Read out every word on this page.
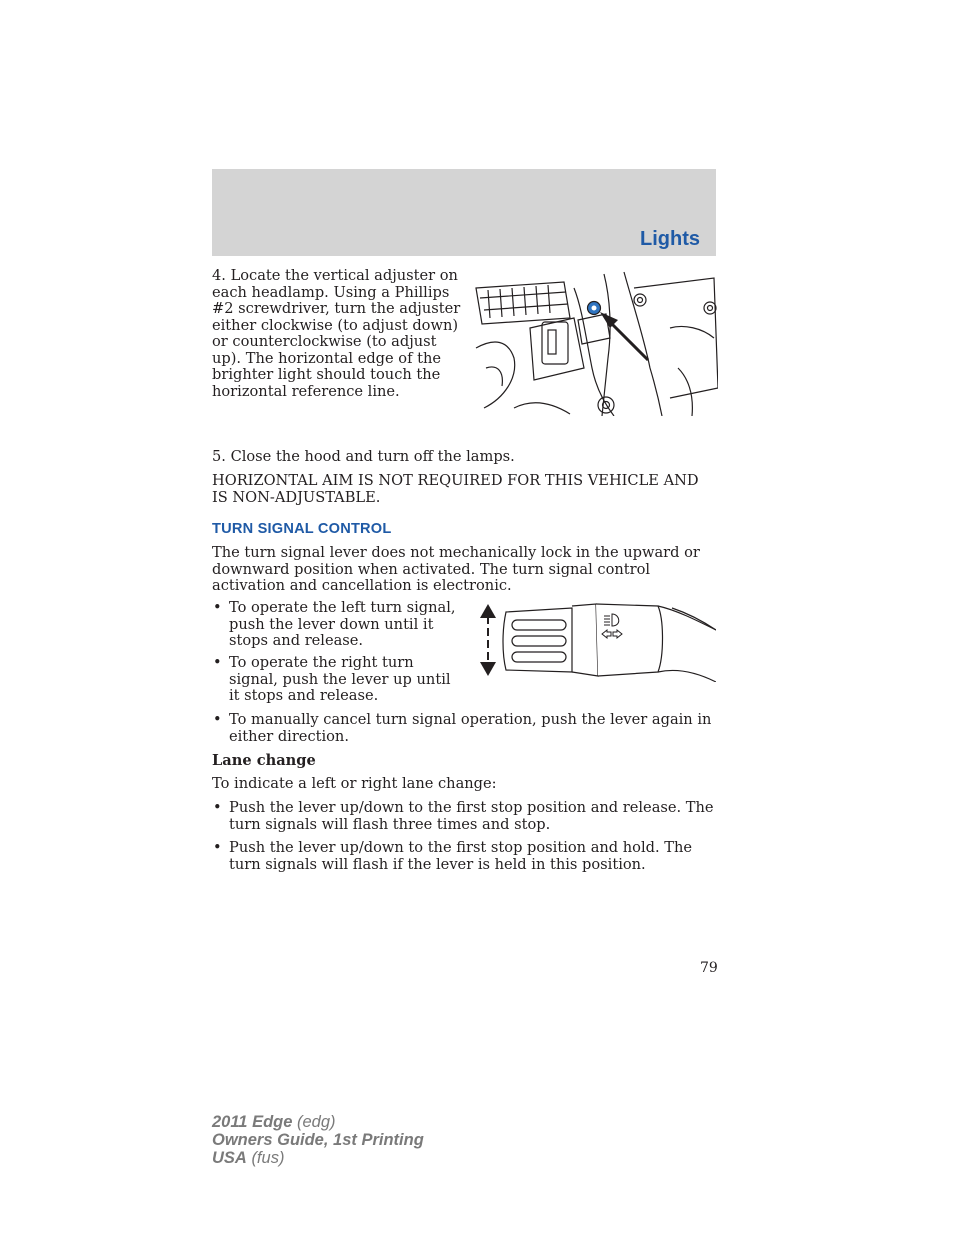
Lights
4. Locate the vertical adjuster on each headlamp. Using a Phillips #2 screwdriver, turn the adjuster either clockwise (to adjust down) or counterclockwise (to adjust up). The horizontal edge of the brighter light should touch the horizontal reference line.
5. Close the hood and turn off the lamps.
HORIZONTAL AIM IS NOT REQUIRED FOR THIS VEHICLE AND IS NON-ADJUSTABLE.
TURN SIGNAL CONTROL
The turn signal lever does not mechanically lock in the upward or downward position when activated. The turn signal control activation and cancellation is electronic.
• To operate the left turn signal, push the lever down until it stops and release.
• To operate the right turn signal, push the lever up until it stops and release.
• To manually cancel turn signal operation, push the lever again in either direction.
Lane change
To indicate a left or right lane change:
• Push the lever up/down to the first stop position and release. The turn signals will flash three times and stop.
• Push the lever up/down to the first stop position and hold. The turn signals will flash if the lever is held in this position.
79
2011 Edge (edg)
Owners Guide, 1st Printing
USA (fus)
